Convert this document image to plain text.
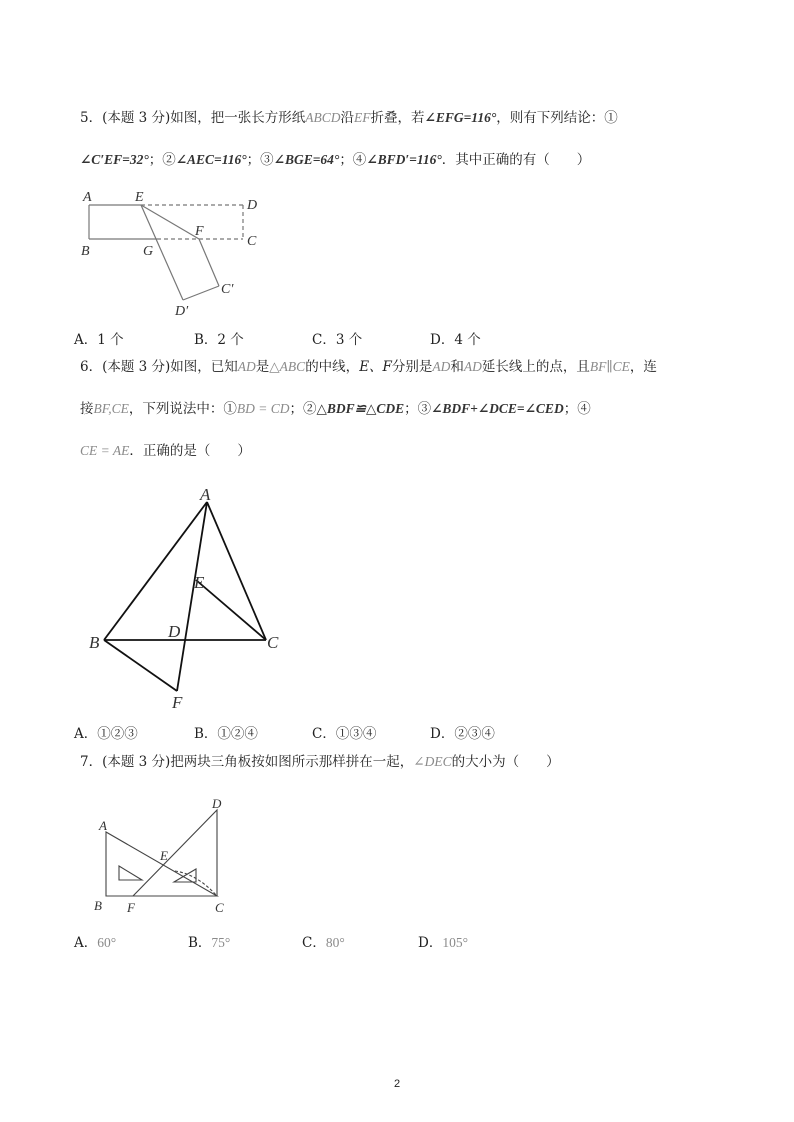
5．(本题 3 分)如图，把一张长方形纸ABCD沿EF折叠，若∠EFG=116°，则有下列结论：①
∠C′EF=32°；②∠AEC=116°；③∠BGE=64°；④∠BFD′=116°．其中正确的有（　　）
A	E
D
B	G
F
C
C′
D′
A．1 个	B．2 个	C．3 个	D．4 个
6．(本题 3 分)如图，已知AD是△ABC的中线，E、F分别是AD和AD延长线上的点，且BF∥CE，连
接BF,CE，下列说法中：①BD = CD；②△BDF≌△CDE；③∠BDF+∠DCE=∠CED；④
CE = AE．正确的是（　　）
A
E
B
D
C
F
A．①②③	B．①②④	C．①③④	D．②③④
7．(本题 3 分)把两块三角板按如图所示那样拼在一起，∠DEC的大小为（　　）
D
A
E
B F	C
A．60°	B．75°	C．80°	D．105°
2
